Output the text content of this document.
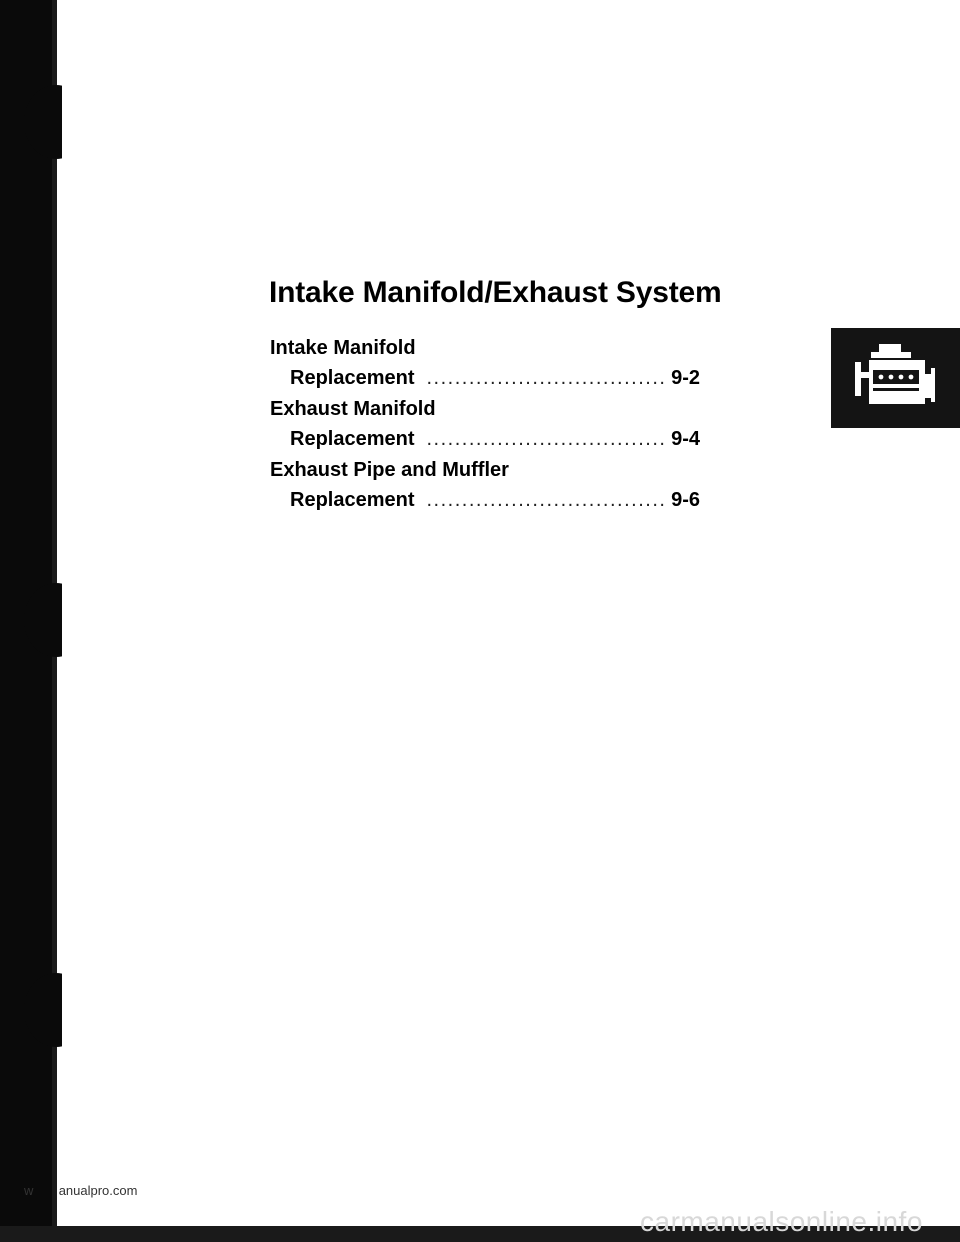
Intake Manifold/Exhaust System
Intake Manifold
Replacement .....	9-2
Exhaust Manifold
Replacement .....	9-4
Exhaust Pipe and Muffler
Replacement .....	9-6
w anualpro.com
carmanualsonline.info
